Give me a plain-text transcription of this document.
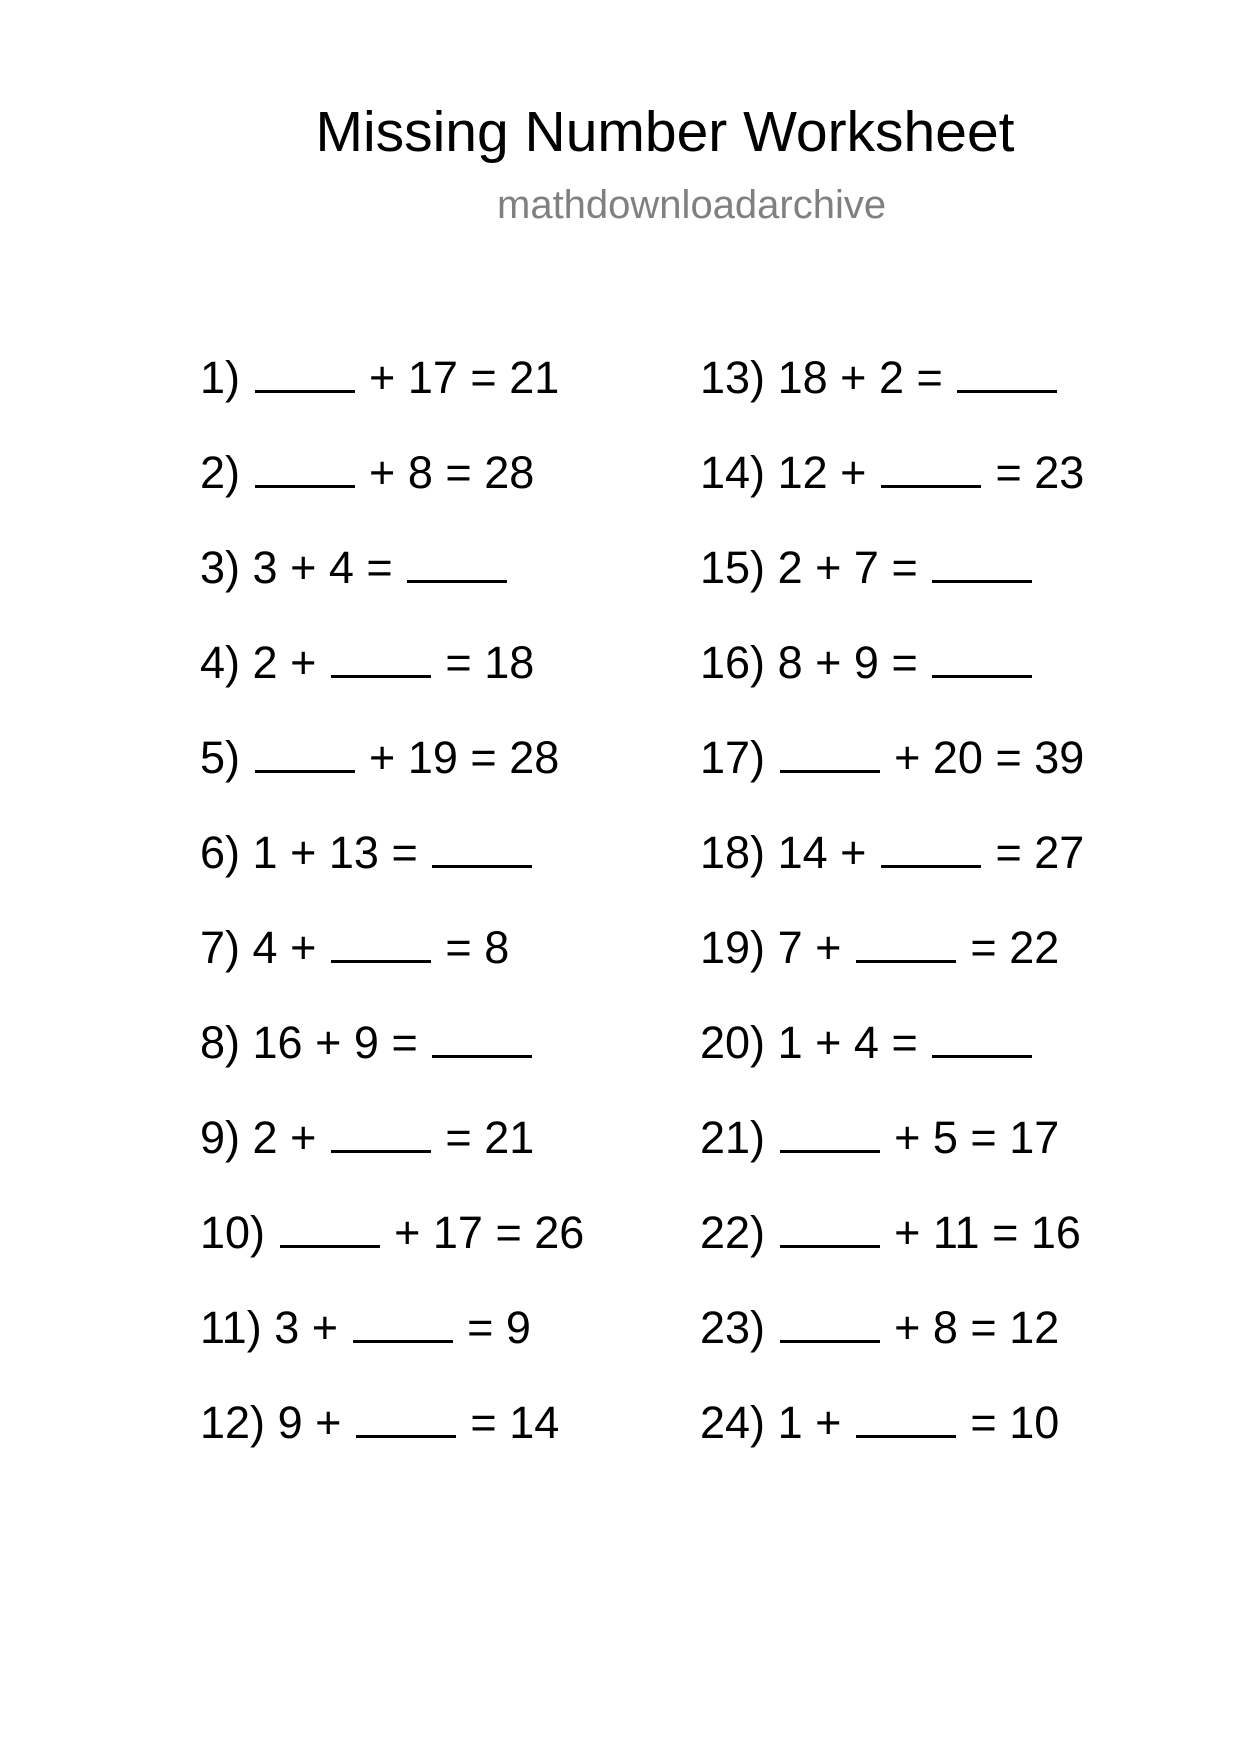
Missing Number Worksheet
mathdownloadarchive
1)	+ 17 = 21
2)	+ 8 = 28
3) 3 + 4 =
4) 2 +	= 18
5)	+ 19 = 28
6) 1 + 13 =
7) 4 +	= 8
8) 16 + 9 =
9) 2 +	= 21
10)	+ 17 = 26
11) 3 +	= 9
12) 9 +	= 14
13) 18 + 2 =
14) 12 +	= 23
15) 2 + 7 =
16) 8 + 9 =
17)	+ 20 = 39
18) 14 +	= 27
19) 7 +	= 22
20) 1 + 4 =
21)	+ 5 = 17
22)	+ 11 = 16
23)	+ 8 = 12
24) 1 +	= 10
